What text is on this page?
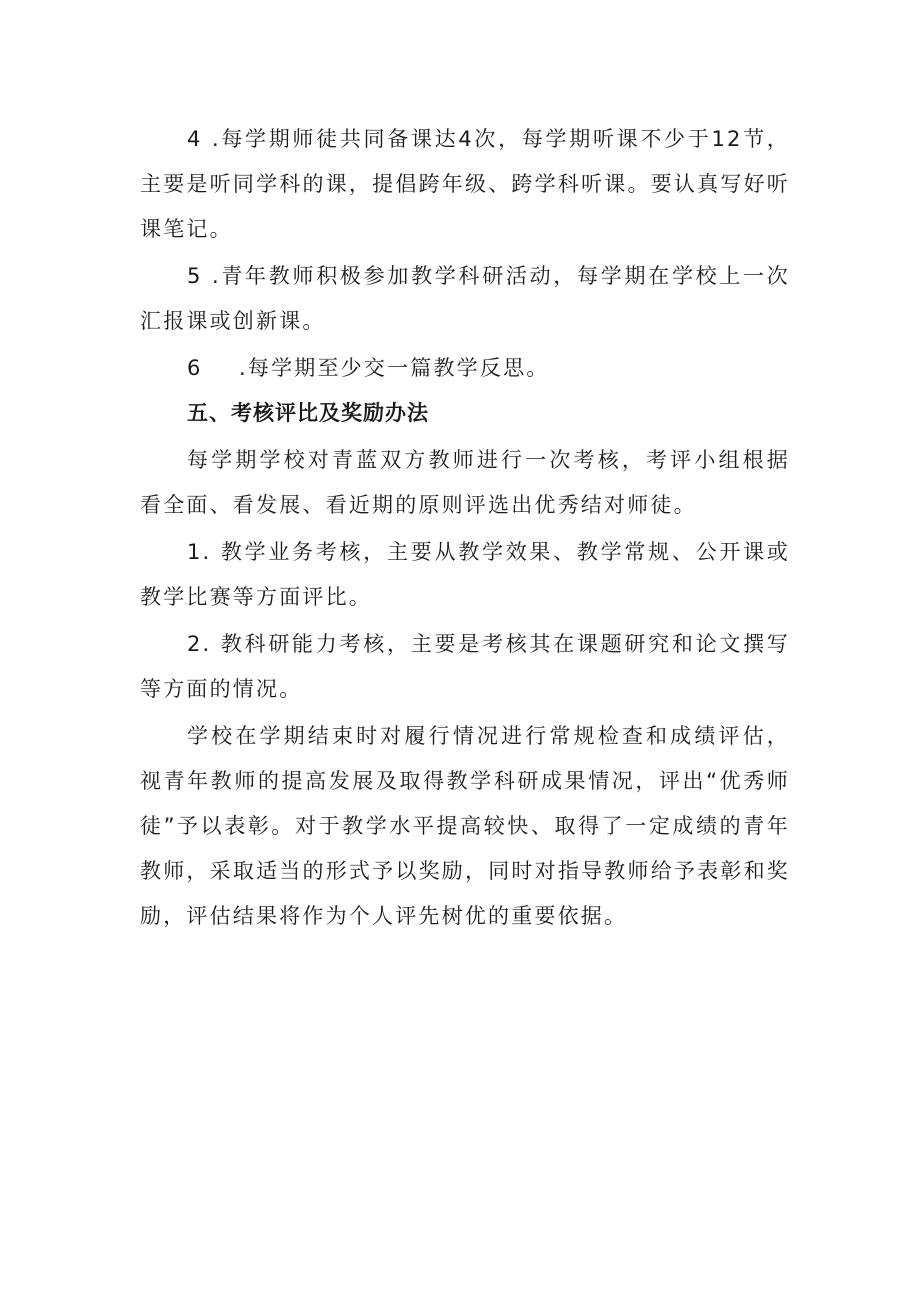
4 .每学期师徒共同备课达4次，每学期听课不少于12节，主要是听同学科的课，提倡跨年级、跨学科听课。要认真写好听课笔记。

5 .青年教师积极参加教学科研活动，每学期在学校上一次汇报课或创新课。

6 .每学期至少交一篇教学反思。

五、考核评比及奖励办法

每学期学校对青蓝双方教师进行一次考核，考评小组根据看全面、看发展、看近期的原则评选出优秀结对师徒。

1. 教学业务考核，主要从教学效果、教学常规、公开课或教学比赛等方面评比。

2. 教科研能力考核，主要是考核其在课题研究和论文撰写等方面的情况。

学校在学期结束时对履行情况进行常规检查和成绩评估，视青年教师的提高发展及取得教学科研成果情况，评出“优秀师徒”予以表彰。对于教学水平提高较快、取得了一定成绩的青年教师，采取适当的形式予以奖励，同时对指导教师给予表彰和奖励，评估结果将作为个人评先树优的重要依据。
